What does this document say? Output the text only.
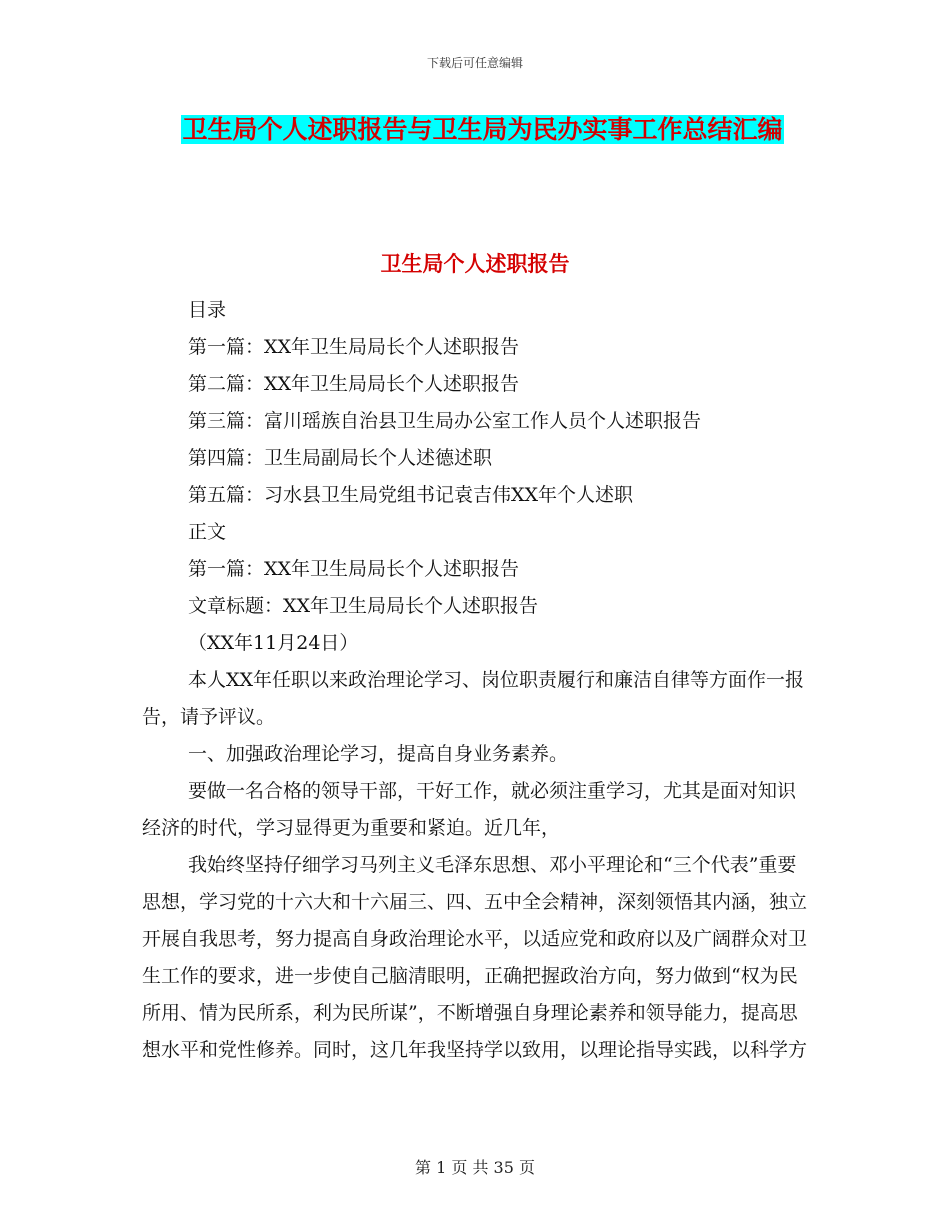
下载后可任意编辑
卫生局个人述职报告与卫生局为民办实事工作总结汇编
卫生局个人述职报告

目录

第一篇：XX年卫生局局长个人述职报告

第二篇：XX年卫生局局长个人述职报告

第三篇：富川瑶族自治县卫生局办公室工作人员个人述职报告

第四篇：卫生局副局长个人述德述职

第五篇：习水县卫生局党组书记袁吉伟XX年个人述职

正文

第一篇：XX年卫生局局长个人述职报告

文章标题：XX年卫生局局长个人述职报告

（XX年11月24日）

本人XX年任职以来政治理论学习、岗位职责履行和廉洁自律等方面作一报告，请予评议。

一、加强政治理论学习，提高自身业务素养。

要做一名合格的领导干部，干好工作，就必须注重学习，尤其是面对知识经济的时代，学习显得更为重要和紧迫。近几年，

我始终坚持仔细学习马列主义毛泽东思想、邓小平理论和“三个代表”重要思想，学习党的十六大和十六届三、四、五中全会精神，深刻领悟其内涵，独立开展自我思考，努力提高自身政治理论水平，以适应党和政府以及广阔群众对卫生工作的要求，进一步使自己脑清眼明，正确把握政治方向，努力做到“权为民所用、情为民所系，利为民所谋”，不断增强自身理论素养和领导能力，提高思想水平和党性修养。同时，这几年我坚持学以致用，以理论指导实践，以科学方

第 1 页 共 35 页
